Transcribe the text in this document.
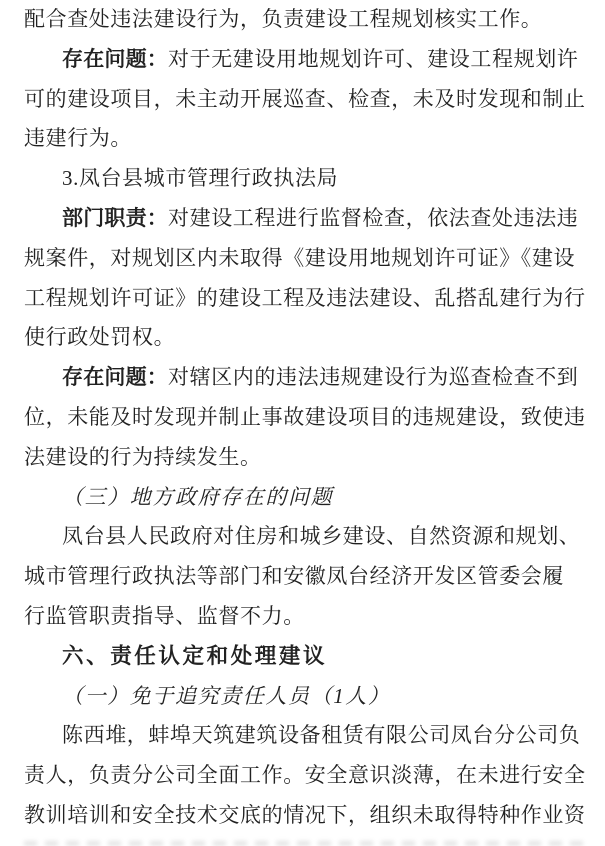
配合查处违法建设行为，负责建设工程规划核实工作。
存在问题：对于无建设用地规划许可、建设工程规划许
可的建设项目，未主动开展巡查、检查，未及时发现和制止
违建行为。
3.凤台县城市管理行政执法局
部门职责：对建设工程进行监督检查，依法查处违法违
规案件，对规划区内未取得《建设用地规划许可证》《建设
工程规划许可证》的建设工程及违法建设、乱搭乱建行为行
使行政处罚权。
存在问题：对辖区内的违法违规建设行为巡查检查不到
位，未能及时发现并制止事故建设项目的违规建设，致使违
法建设的行为持续发生。
（三）地方政府存在的问题
凤台县人民政府对住房和城乡建设、自然资源和规划、
城市管理行政执法等部门和安徽凤台经济开发区管委会履
行监管职责指导、监督不力。
六、责任认定和处理建议
（一）免于追究责任人员（1人）
陈西堆，蚌埠天筑建筑设备租赁有限公司凤台分公司负
责人，负责分公司全面工作。安全意识淡薄，在未进行安全
教训培训和安全技术交底的情况下，组织未取得特种作业资
